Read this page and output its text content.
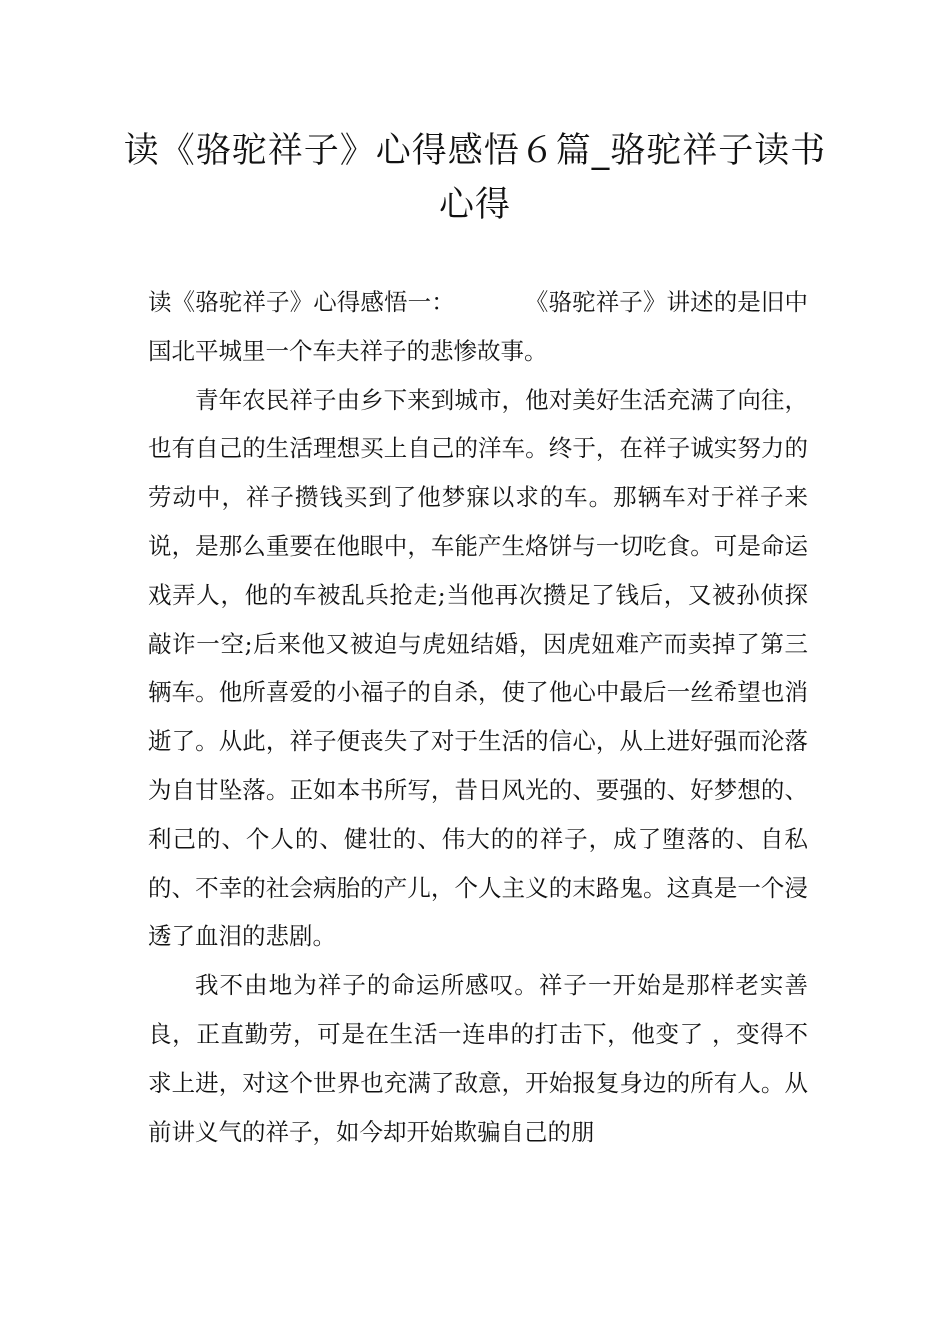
读《骆驼祥子》心得感悟６篇_骆驼祥子读书心得

读《骆驼祥子》心得感悟一：	《骆驼祥子》讲述的是旧中国北平城里一个车夫祥子的悲惨故事。

青年农民祥子由乡下来到城市，他对美好生活充满了向往，也有自己的生活理想买上自己的洋车。终于，在祥子诚实努力的劳动中，祥子攒钱买到了他梦寐以求的车。那辆车对于祥子来说，是那么重要在他眼中，车能产生烙饼与一切吃食。可是命运戏弄人，他的车被乱兵抢走;当他再次攒足了钱后，又被孙侦探敲诈一空;后来他又被迫与虎妞结婚，因虎妞难产而卖掉了第三辆车。他所喜爱的小福子的自杀，使了他心中最后一丝希望也消逝了。从此，祥子便丧失了对于生活的信心，从上进好强而沦落为自甘坠落。正如本书所写，昔日风光的、要强的、好梦想的、利己的、个人的、健壮的、伟大的的祥子，成了堕落的、自私的、不幸的社会病胎的产儿，个人主义的末路鬼。这真是一个浸透了血泪的悲剧。

我不由地为祥子的命运所感叹。祥子一开始是那样老实善良，正直勤劳，可是在生活一连串的打击下，他变了 ，变得不求上进，对这个世界也充满了敌意，开始报复身边的所有人。从前讲义气的祥子，如今却开始欺骗自己的朋
